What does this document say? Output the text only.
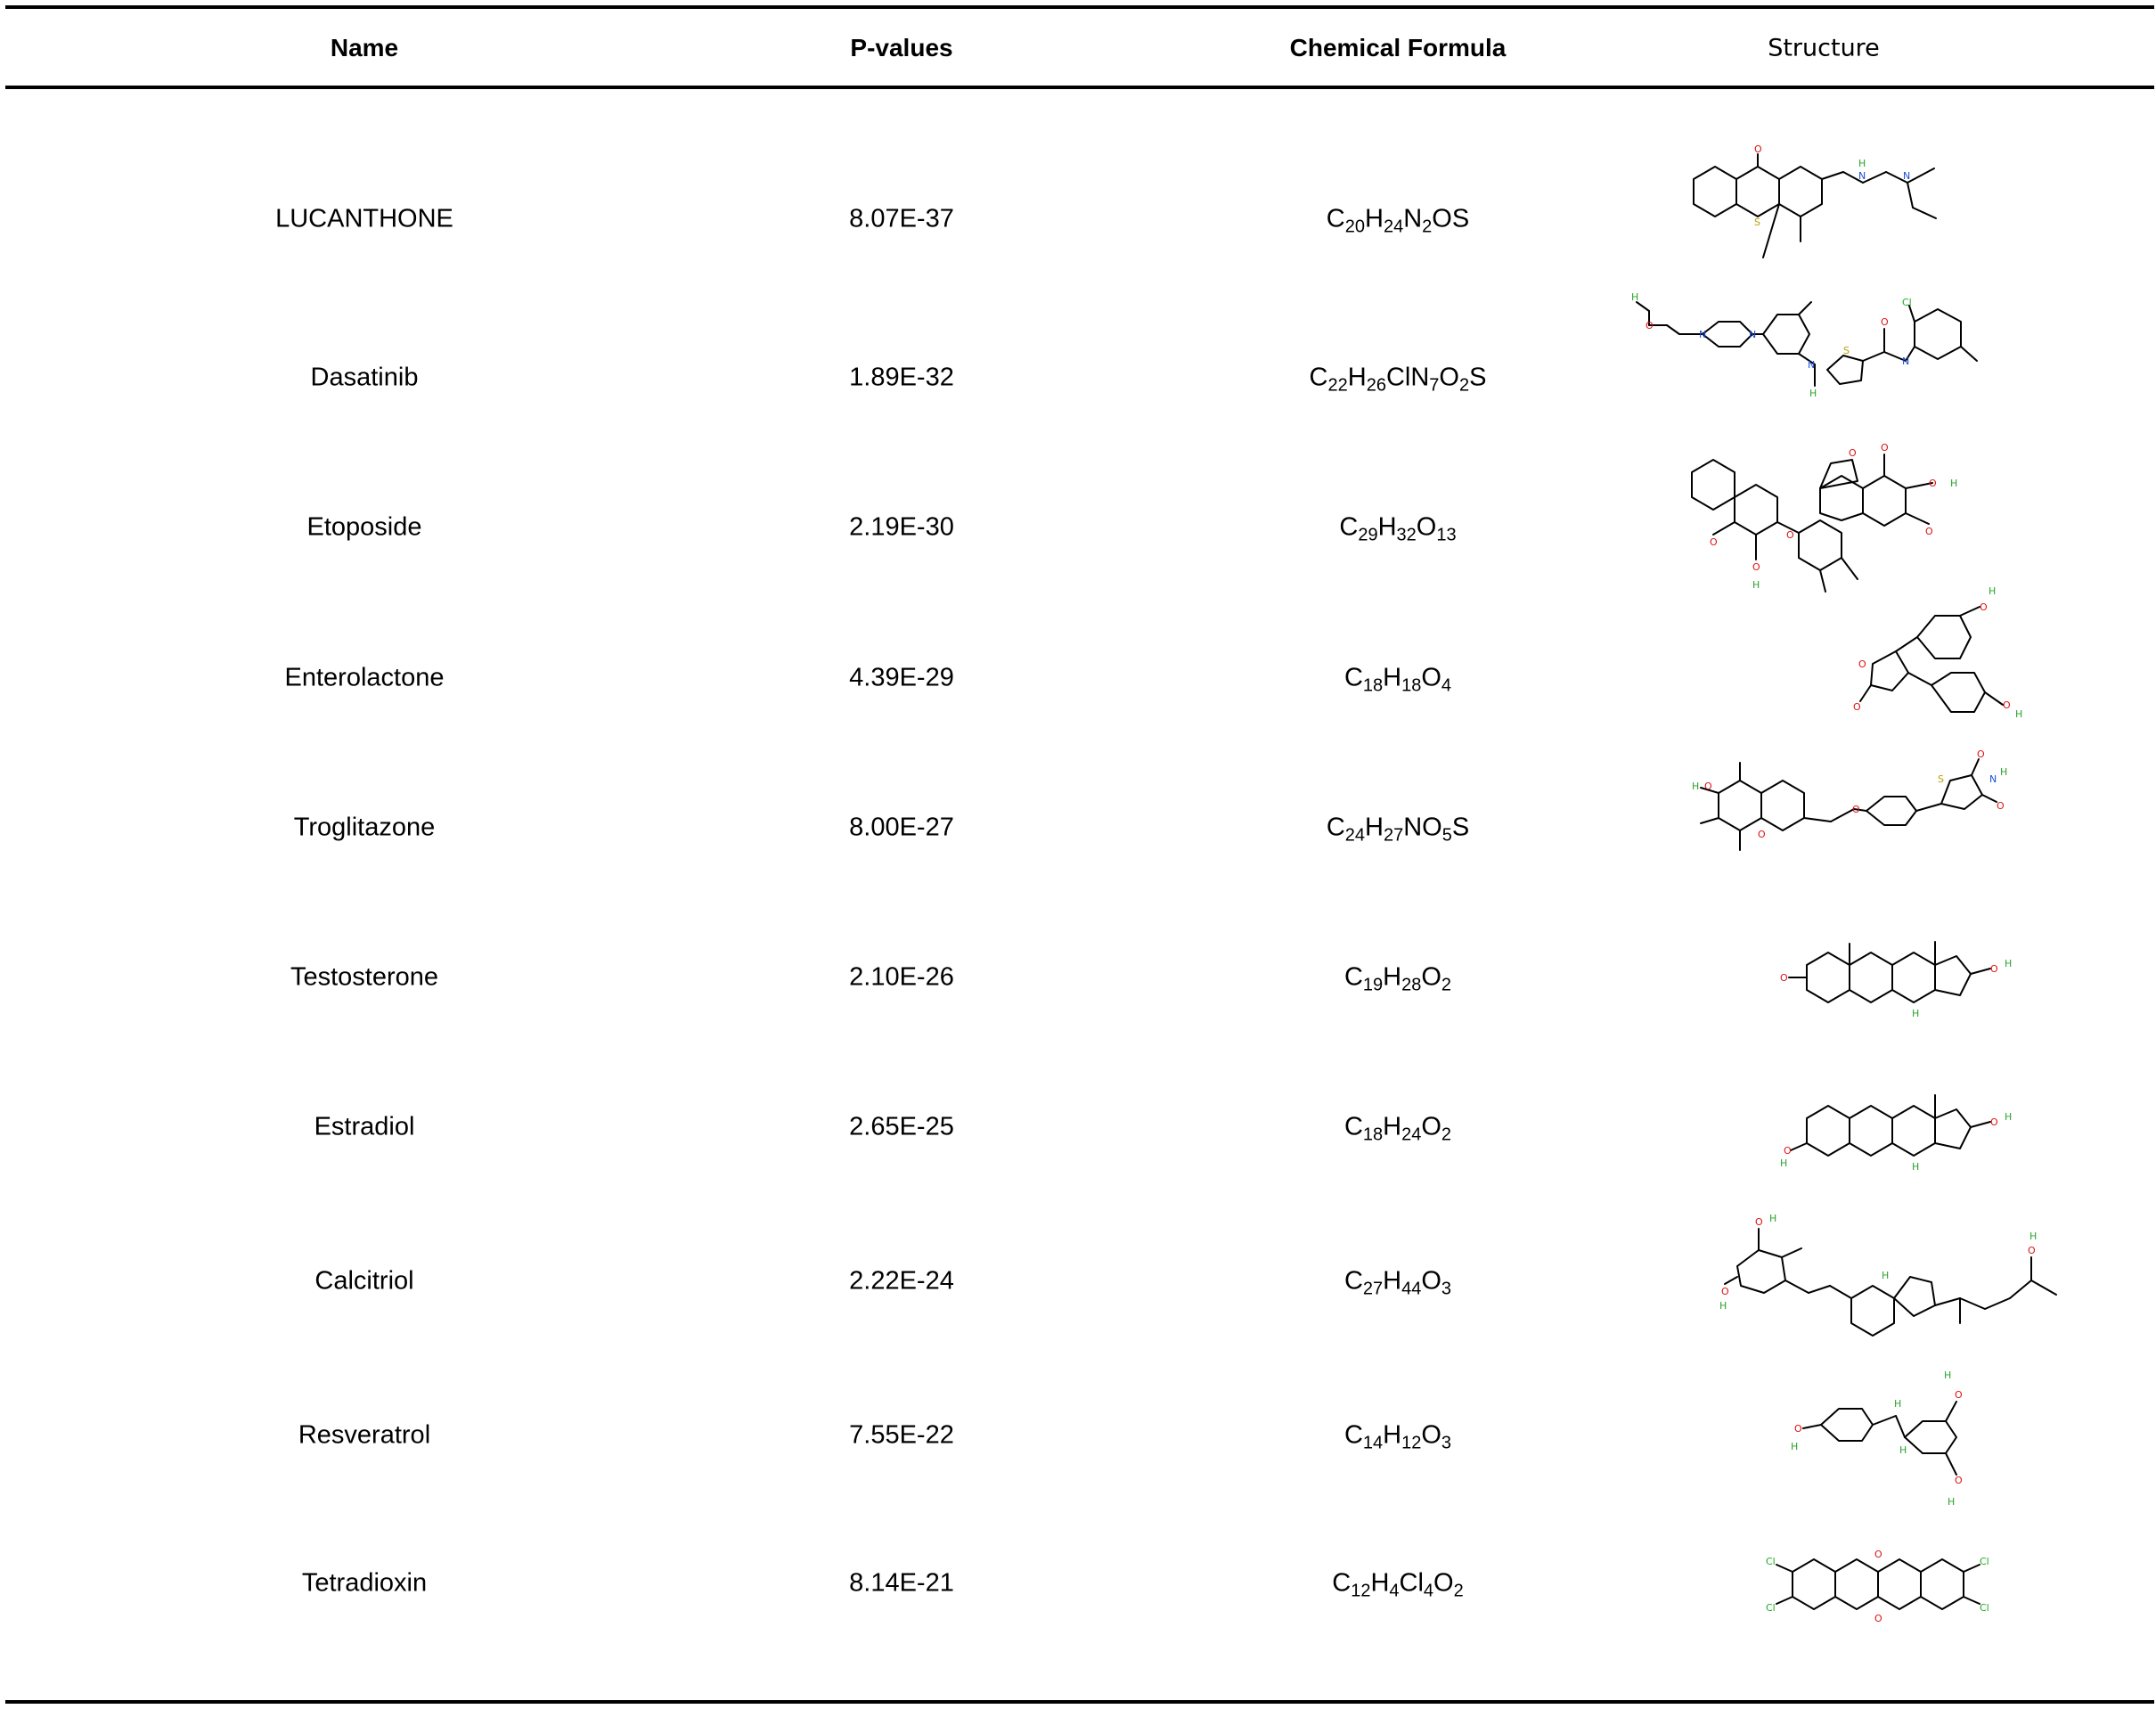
Name	P-values	Chemical Formula	Structure
LUCANTHONE	8.07E-37	$C_{20}H_{24}N_2OS$
Dasatinib	1.89E-32	$C_{22}H_{26}ClN_7O_2S$
Etoposide	2.19E-30	$C_{29}H_{32}O_{13}$
Enterolactone	4.39E-29	$C_{18}H_{18}O_4$
Troglitazone	8.00E-27	$C_{24}H_{27}NO_5S$
Testosterone	2.10E-26	$C_{19}H_{28}O_2$
Estradiol	2.65E-25	$C_{18}H_{24}O_2$
Calcitriol	2.22E-24	$C_{27}H_{44}O_3$
Resveratrol	7.55E-22	$C_{14}H_{12}O_3$
Tetradioxin	8.14E-21	$C_{12}H_4Cl_4O_2$
O
N
H
N
S
H
O
N	N
N
H
S
O
N
Cl
O O
O H
O
O
O
H
O
O
O
O
H
O
H
H O
O
O
S
O
N
H
O
O
O H
H
O
H
O H
H
O H
O
H
O
H
H
O
H
H
H
O
H
O
H
Cl
Cl
Cl
Cl
O
O
